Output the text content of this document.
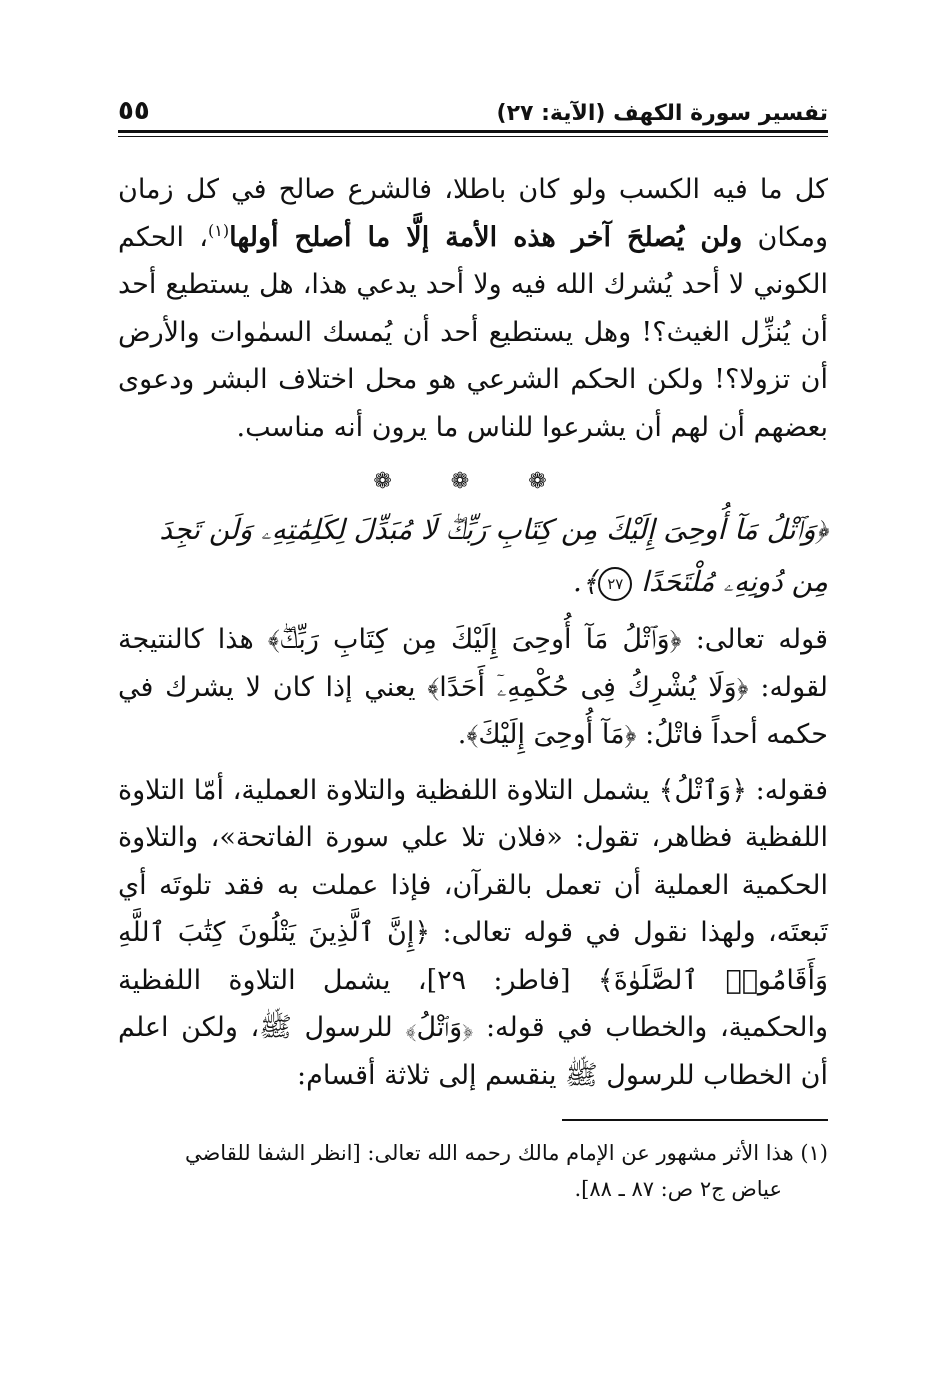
تفسير سورة الكهف (الآية: ٢٧)
٥٥

كل ما فيه الكسب ولو كان باطلا، فالشرع صالح في كل زمان ومكان ولن يُصلحَ آخر هذه الأمة إلَّا ما أصلح أولها$^{(١)}$، الحكم الكوني لا أحد يُشرك الله فيه ولا أحد يدعي هذا، هل يستطيع أحد أن يُنزِّل الغيث؟! وهل يستطيع أحد أن يُمسك السمٰوات والأرض أن تزولا؟! ولكن الحكم الشرعي هو محل اختلاف البشر ودعوى بعضهم أن لهم أن يشرعوا للناس ما يرون أنه مناسب.

❁ ❁ ❁

﴿وَٱتْلُ مَآ أُوحِىَ إِلَيْكَ مِن كِتَابِ رَبِّكَۖ لَا مُبَدِّلَ لِكَلِمَٰتِهِۦ وَلَن تَجِدَ مِن دُونِهِۦ مُلْتَحَدًا ٢٧﴾.

قوله تعالى: ﴿وَٱتْلُ مَآ أُوحِىَ إِلَيْكَ مِن كِتَابِ رَبِّكَۖ﴾ هذا كالنتيجة لقوله: ﴿وَلَا يُشْرِكُ فِى حُكْمِهِۦٓ أَحَدًا﴾ يعني إذا كان لا يشرك في حكمه أحداً فاتْلُ: ﴿مَآ أُوحِىَ إِلَيْكَ﴾.

فقوله: ﴿وَٱتْلُ﴾ يشمل التلاوة اللفظية والتلاوة العملية، أمّا التلاوة اللفظية فظاهر، تقول: «فلان تلا علي سورة الفاتحة»، والتلاوة الحكمية العملية أن تعمل بالقرآن، فإذا عملت به فقد تلوتَه أي تَبعتَه، ولهذا نقول في قوله تعالى: ﴿إِنَّ ٱلَّذِينَ يَتْلُونَ كِتَٰبَ ٱللَّهِ وَأَقَامُوا۟ ٱلصَّلَوٰةَ﴾ [فاطر: ٢٩]، يشمل التلاوة اللفظية والحكمية، والخطاب في قوله: ﴿وَٱتْلُ﴾ للرسول ﷺ، ولكن اعلم أن الخطاب للرسول ﷺ ينقسم إلى ثلاثة أقسام:

(١) هذا الأثر مشهور عن الإمام مالك رحمه الله تعالى: [انظر الشفا للقاضي
عياض ج٢ ص: ٨٧ ـ ٨٨].
